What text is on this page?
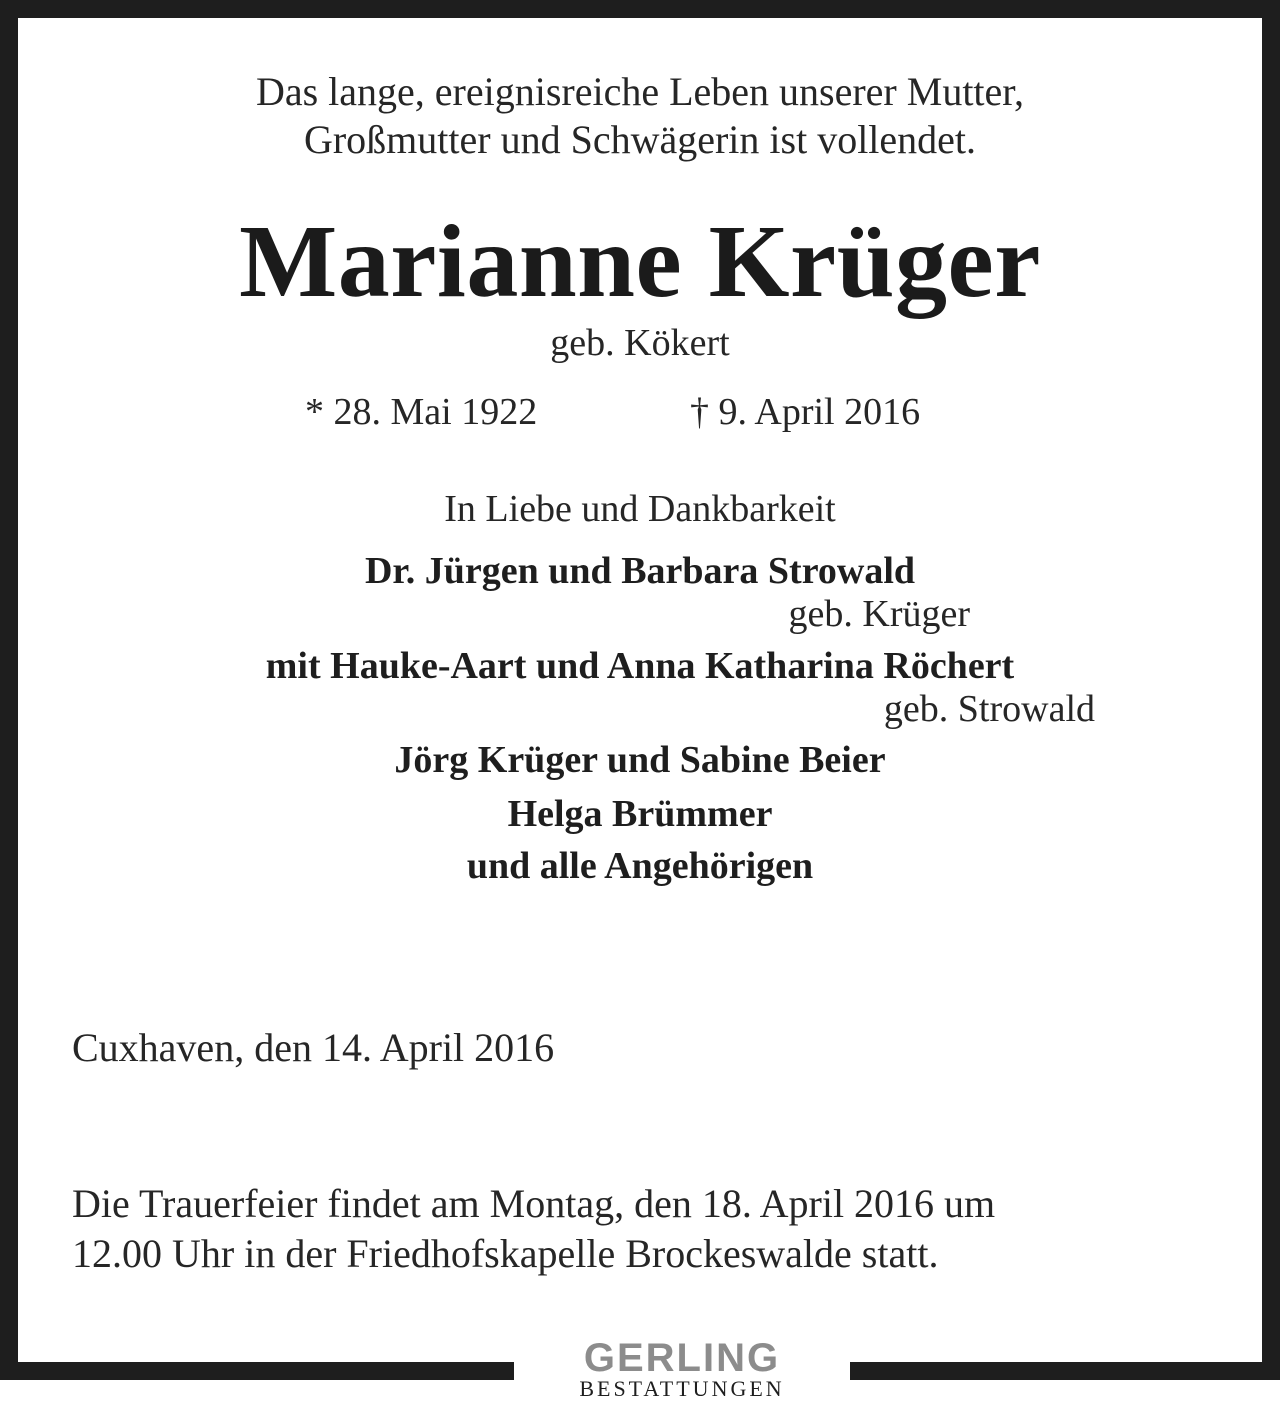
Das lange, ereignisreiche Leben unserer Mutter,
Großmutter und Schwägerin ist vollendet.
Marianne Krüger
geb. Kökert
* 28. Mai 1922	† 9. April 2016
In Liebe und Dankbarkeit
Dr. Jürgen und Barbara Strowald
geb. Krüger
mit Hauke-Aart und Anna Katharina Röchert
geb. Strowald
Jörg Krüger und Sabine Beier
Helga Brümmer
und alle Angehörigen
Cuxhaven, den 14. April 2016
Die Trauerfeier findet am Montag, den 18. April 2016 um
12.00 Uhr in der Friedhofskapelle Brockeswalde statt.
GERLING
BESTATTUNGEN
